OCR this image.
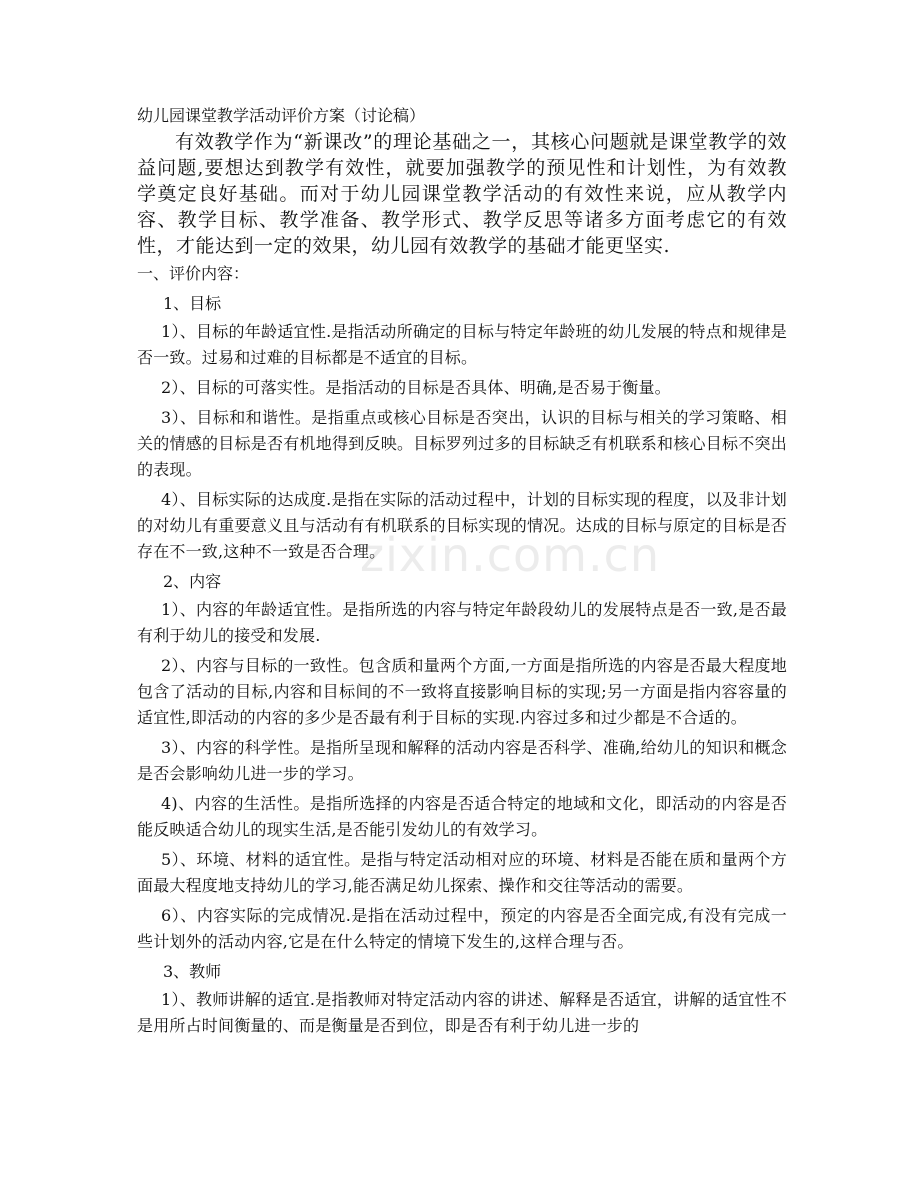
zixin.com.cn

幼儿园课堂教学活动评价方案（讨论稿）

有效教学作为“新课改”的理论基础之一，其核心问题就是课堂教学的效益问题,要想达到教学有效性，就要加强教学的预见性和计划性，为有效教学奠定良好基础。而对于幼儿园课堂教学活动的有效性来说，应从教学内容、教学目标、教学准备、教学形式、教学反思等诸多方面考虑它的有效性，才能达到一定的效果，幼儿园有效教学的基础才能更坚实.

一、评价内容：

1、目标

1）、目标的年龄适宜性.是指活动所确定的目标与特定年龄班的幼儿发展的特点和规律是否一致。过易和过难的目标都是不适宜的目标。

2）、目标的可落实性。是指活动的目标是否具体、明确,是否易于衡量。

3）、目标和和谐性。是指重点或核心目标是否突出，认识的目标与相关的学习策略、相关的情感的目标是否有机地得到反映。目标罗列过多的目标缺乏有机联系和核心目标不突出的表现。

4）、目标实际的达成度.是指在实际的活动过程中，计划的目标实现的程度，以及非计划的对幼儿有重要意义且与活动有有机联系的目标实现的情况。达成的目标与原定的目标是否存在不一致,这种不一致是否合理。

2、内容

1）、内容的年龄适宜性。是指所选的内容与特定年龄段幼儿的发展特点是否一致,是否最有利于幼儿的接受和发展.

2）、内容与目标的一致性。包含质和量两个方面,一方面是指所选的内容是否最大程度地包含了活动的目标,内容和目标间的不一致将直接影响目标的实现;另一方面是指内容容量的适宜性,即活动的内容的多少是否最有利于目标的实现.内容过多和过少都是不合适的。

3）、内容的科学性。是指所呈现和解释的活动内容是否科学、准确,给幼儿的知识和概念是否会影响幼儿进一步的学习。

4)、内容的生活性。是指所选择的内容是否适合特定的地域和文化，即活动的内容是否能反映适合幼儿的现实生活,是否能引发幼儿的有效学习。

5）、环境、材料的适宜性。是指与特定活动相对应的环境、材料是否能在质和量两个方面最大程度地支持幼儿的学习,能否满足幼儿探索、操作和交往等活动的需要。

6）、内容实际的完成情况.是指在活动过程中，预定的内容是否全面完成,有没有完成一些计划外的活动内容,它是在什么特定的情境下发生的,这样合理与否。

3、教师

1）、教师讲解的适宜.是指教师对特定活动内容的讲述、解释是否适宜，讲解的适宜性不是用所占时间衡量的、而是衡量是否到位，即是否有利于幼儿进一步的
